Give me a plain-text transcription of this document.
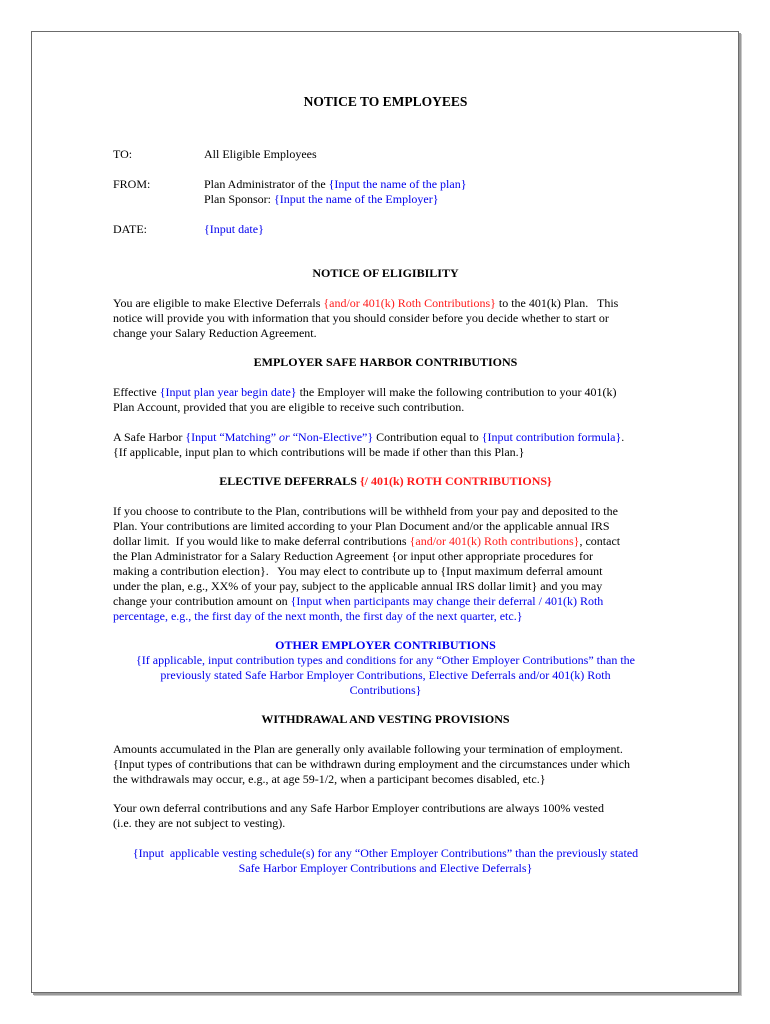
NOTICE TO EMPLOYEES
TO:	All Eligible Employees
FROM:	Plan Administrator of the {Input the name of the plan}
Plan Sponsor: {Input the name of the Employer}
DATE:	{Input date}
NOTICE OF ELIGIBILITY
You are eligible to make Elective Deferrals {and/or 401(k) Roth Contributions} to the 401(k) Plan.   This
notice will provide you with information that you should consider before you decide whether to start or
change your Salary Reduction Agreement.
EMPLOYER SAFE HARBOR CONTRIBUTIONS
Effective {Input plan year begin date} the Employer will make the following contribution to your 401(k)
Plan Account, provided that you are eligible to receive such contribution.
A Safe Harbor {Input “Matching” or “Non-Elective”} Contribution equal to {Input contribution formula}.
{If applicable, input plan to which contributions will be made if other than this Plan.}
ELECTIVE DEFERRALS {/ 401(k) ROTH CONTRIBUTIONS}
If you choose to contribute to the Plan, contributions will be withheld from your pay and deposited to the
Plan. Your contributions are limited according to your Plan Document and/or the applicable annual IRS
dollar limit.  If you would like to make deferral contributions {and/or 401(k) Roth contributions}, contact
the Plan Administrator for a Salary Reduction Agreement {or input other appropriate procedures for
making a contribution election}.   You may elect to contribute up to {Input maximum deferral amount
under the plan, e.g., XX% of your pay, subject to the applicable annual IRS dollar limit} and you may
change your contribution amount on {Input when participants may change their deferral / 401(k) Roth
percentage, e.g., the first day of the next month, the first day of the next quarter, etc.}
OTHER EMPLOYER CONTRIBUTIONS
{If applicable, input contribution types and conditions for any “Other Employer Contributions” than the
previously stated Safe Harbor Employer Contributions, Elective Deferrals and/or 401(k) Roth
Contributions}
WITHDRAWAL AND VESTING PROVISIONS
Amounts accumulated in the Plan are generally only available following your termination of employment.
{Input types of contributions that can be withdrawn during employment and the circumstances under which
the withdrawals may occur, e.g., at age 59-1/2, when a participant becomes disabled, etc.}
Your own deferral contributions and any Safe Harbor Employer contributions are always 100% vested
(i.e. they are not subject to vesting).
{Input  applicable vesting schedule(s) for any “Other Employer Contributions” than the previously stated
Safe Harbor Employer Contributions and Elective Deferrals}
